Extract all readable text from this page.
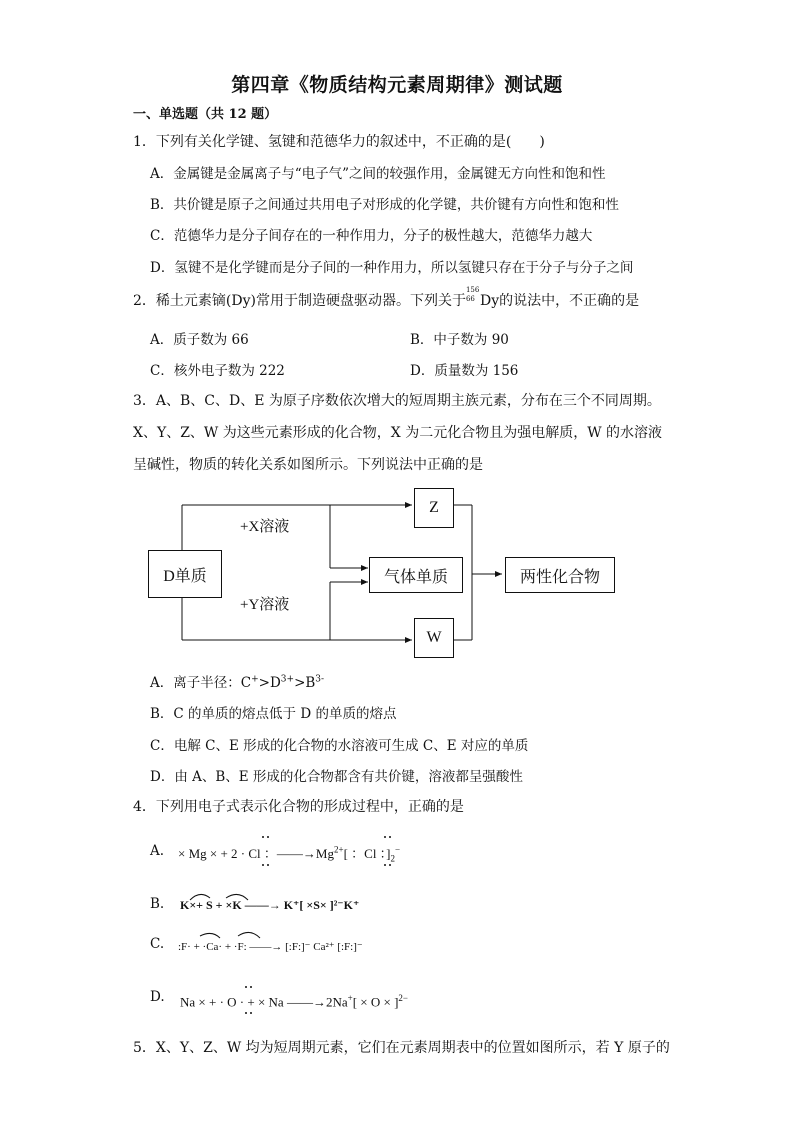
第四章《物质结构元素周期律》测试题
一、单选题（共 12 题）
1．下列有关化学键、氢键和范德华力的叙述中，不正确的是(　　)
A．金属键是金属离子与“电子气”之间的较强作用，金属键无方向性和饱和性
B．共价键是原子之间通过共用电子对形成的化学键，共价键有方向性和饱和性
C．范德华力是分子间存在的一种作用力，分子的极性越大，范德华力越大
D．氢键不是化学键而是分子间的一种作用力，所以氢键只存在于分子与分子之间
2．稀土元素镝(Dy)常用于制造硬盘驱动器。下列关于
156
66 Dy的说法中，不正确的是
A．质子数为 66	B．中子数为 90
C．核外电子数为 222	D．质量数为 156
3．A、B、C、D、E 为原子序数依次增大的短周期主族元素，分布在三个不同周期。
X、Y、Z、W 为这些元素形成的化合物，X 为二元化合物且为强电解质，W 的水溶液
呈碱性，物质的转化关系如图所示。下列说法中正确的是
D单质
Z
气体单质
W
两性化合物
+X溶液
+Y溶液
A．离子半径：$C^+>D^{3+}>B^{3-}$
B．C 的单质的熔点低于 D 的单质的熔点
C．电解 C、E 形成的化合物的水溶液可生成 C、E 对应的单质
D．由 A、B、E 形成的化合物都含有共价键，溶液都呈强酸性
4．下列用电子式表示化合物的形成过程中，正确的是
A. × Mg × + 2 · Cl ：$——\to Mg^{2+}$[ ：Cl ：]$_2^-$
B. K×+ S + ×K ——→ K⁺[ ×S× ]²⁻K⁺
C. :F· + ·Ca· + ·F: ——→ [:F:]⁻ Ca²⁺ [:F:]⁻
D. Na × + · O · + × Na ——→2Na+[ × O × ]$^{2-}$
5．X、Y、Z、W 均为短周期元素，它们在元素周期表中的位置如图所示，若 Y 原子的
